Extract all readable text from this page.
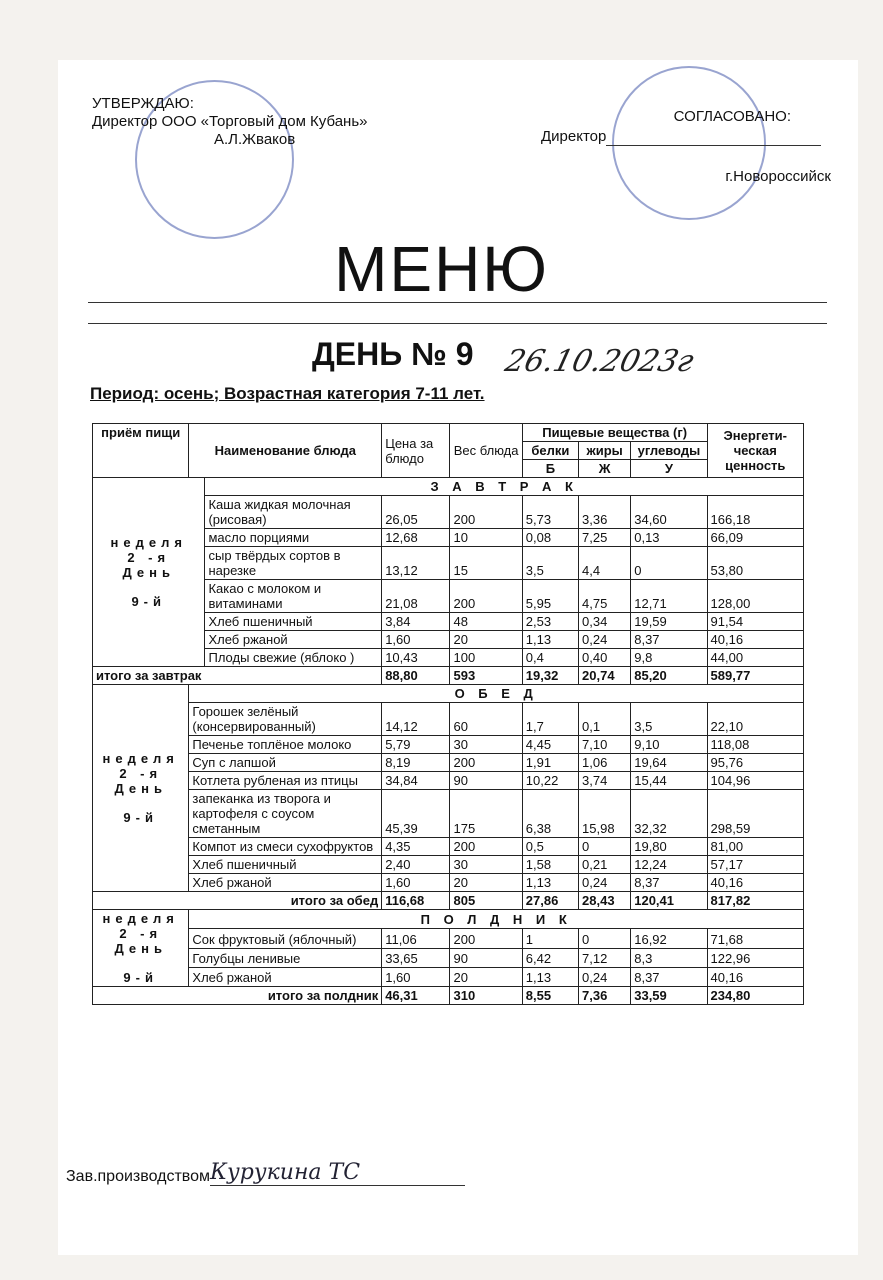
УТВЕРЖДАЮ:
Директор ООО «Торговый дом Кубань»
А.Л.Жваков
СОГЛАСОВАНО:
Директор
г.Новороссийск
МЕНЮ
ДЕНЬ № 9 26.10.2023г
Период: осень; Возрастная категория 7-11 лет.
приём пищи	Наименование блюда		Цена за блюдо	Вес блюда	Пищевые вещества (г)			Энергети-ческая ценность
					белки	жиры	углеводы	
					Б	Ж	У	

неделя
2 -я
День
9-й		З А В Т Р А К						
		Каша жидкая молочная (рисовая)	26,05	200	5,73	3,36	34,60	166,18
		масло порциями	12,68	10	0,08	7,25	0,13	66,09
		сыр твёрдых сортов в нарезке	13,12	15	3,5	4,4	0	53,80
		Какао с молоком и витаминами	21,08	200	5,95	4,75	12,71	128,00
		Хлеб пшеничный	3,84	48	2,53	0,34	19,59	91,54
		Хлеб ржаной	1,60	20	1,13	0,24	8,37	40,16
		Плоды свежие (яблоко )	10,43	100	0,4	0,40	9,8	44,00
итого за завтрак			88,80	593	19,32	20,74	85,20	589,77

неделя
2 -я
День
9-й	О Б Е Д							
	Горошек зелёный (консервированный)		14,12	60	1,7	0,1	3,5	22,10
	Печенье топлёное молоко		5,79	30	4,45	7,10	9,10	118,08
	Суп с лапшой		8,19	200	1,91	1,06	19,64	95,76
	Котлета рубленая из птицы		34,84	90	10,22	3,74	15,44	104,96
	запеканка из творога и картофеля с соусом сметанным		45,39	175	6,38	15,98	32,32	298,59
	Компот из смеси сухофруктов		4,35	200	0,5	0	19,80	81,00
	Хлеб пшеничный		2,40	30	1,58	0,21	12,24	57,17
	Хлеб ржаной		1,60	20	1,13	0,24	8,37	40,16
итого за обед			116,68	805	27,86	28,43	120,41	817,82

неделя
2 -я
День
9-й	П О Л Д Н И К							
	Сок фруктовый (яблочный)		11,06	200	1	0	16,92	71,68
	Голубцы ленивые		33,65	90	6,42	7,12	8,3	122,96
	Хлеб ржаной		1,60	20	1,13	0,24	8,37	40,16
итого за полдник			46,31	310	8,55	7,36	33,59	234,80
Зав.производствомКурукина ТС
